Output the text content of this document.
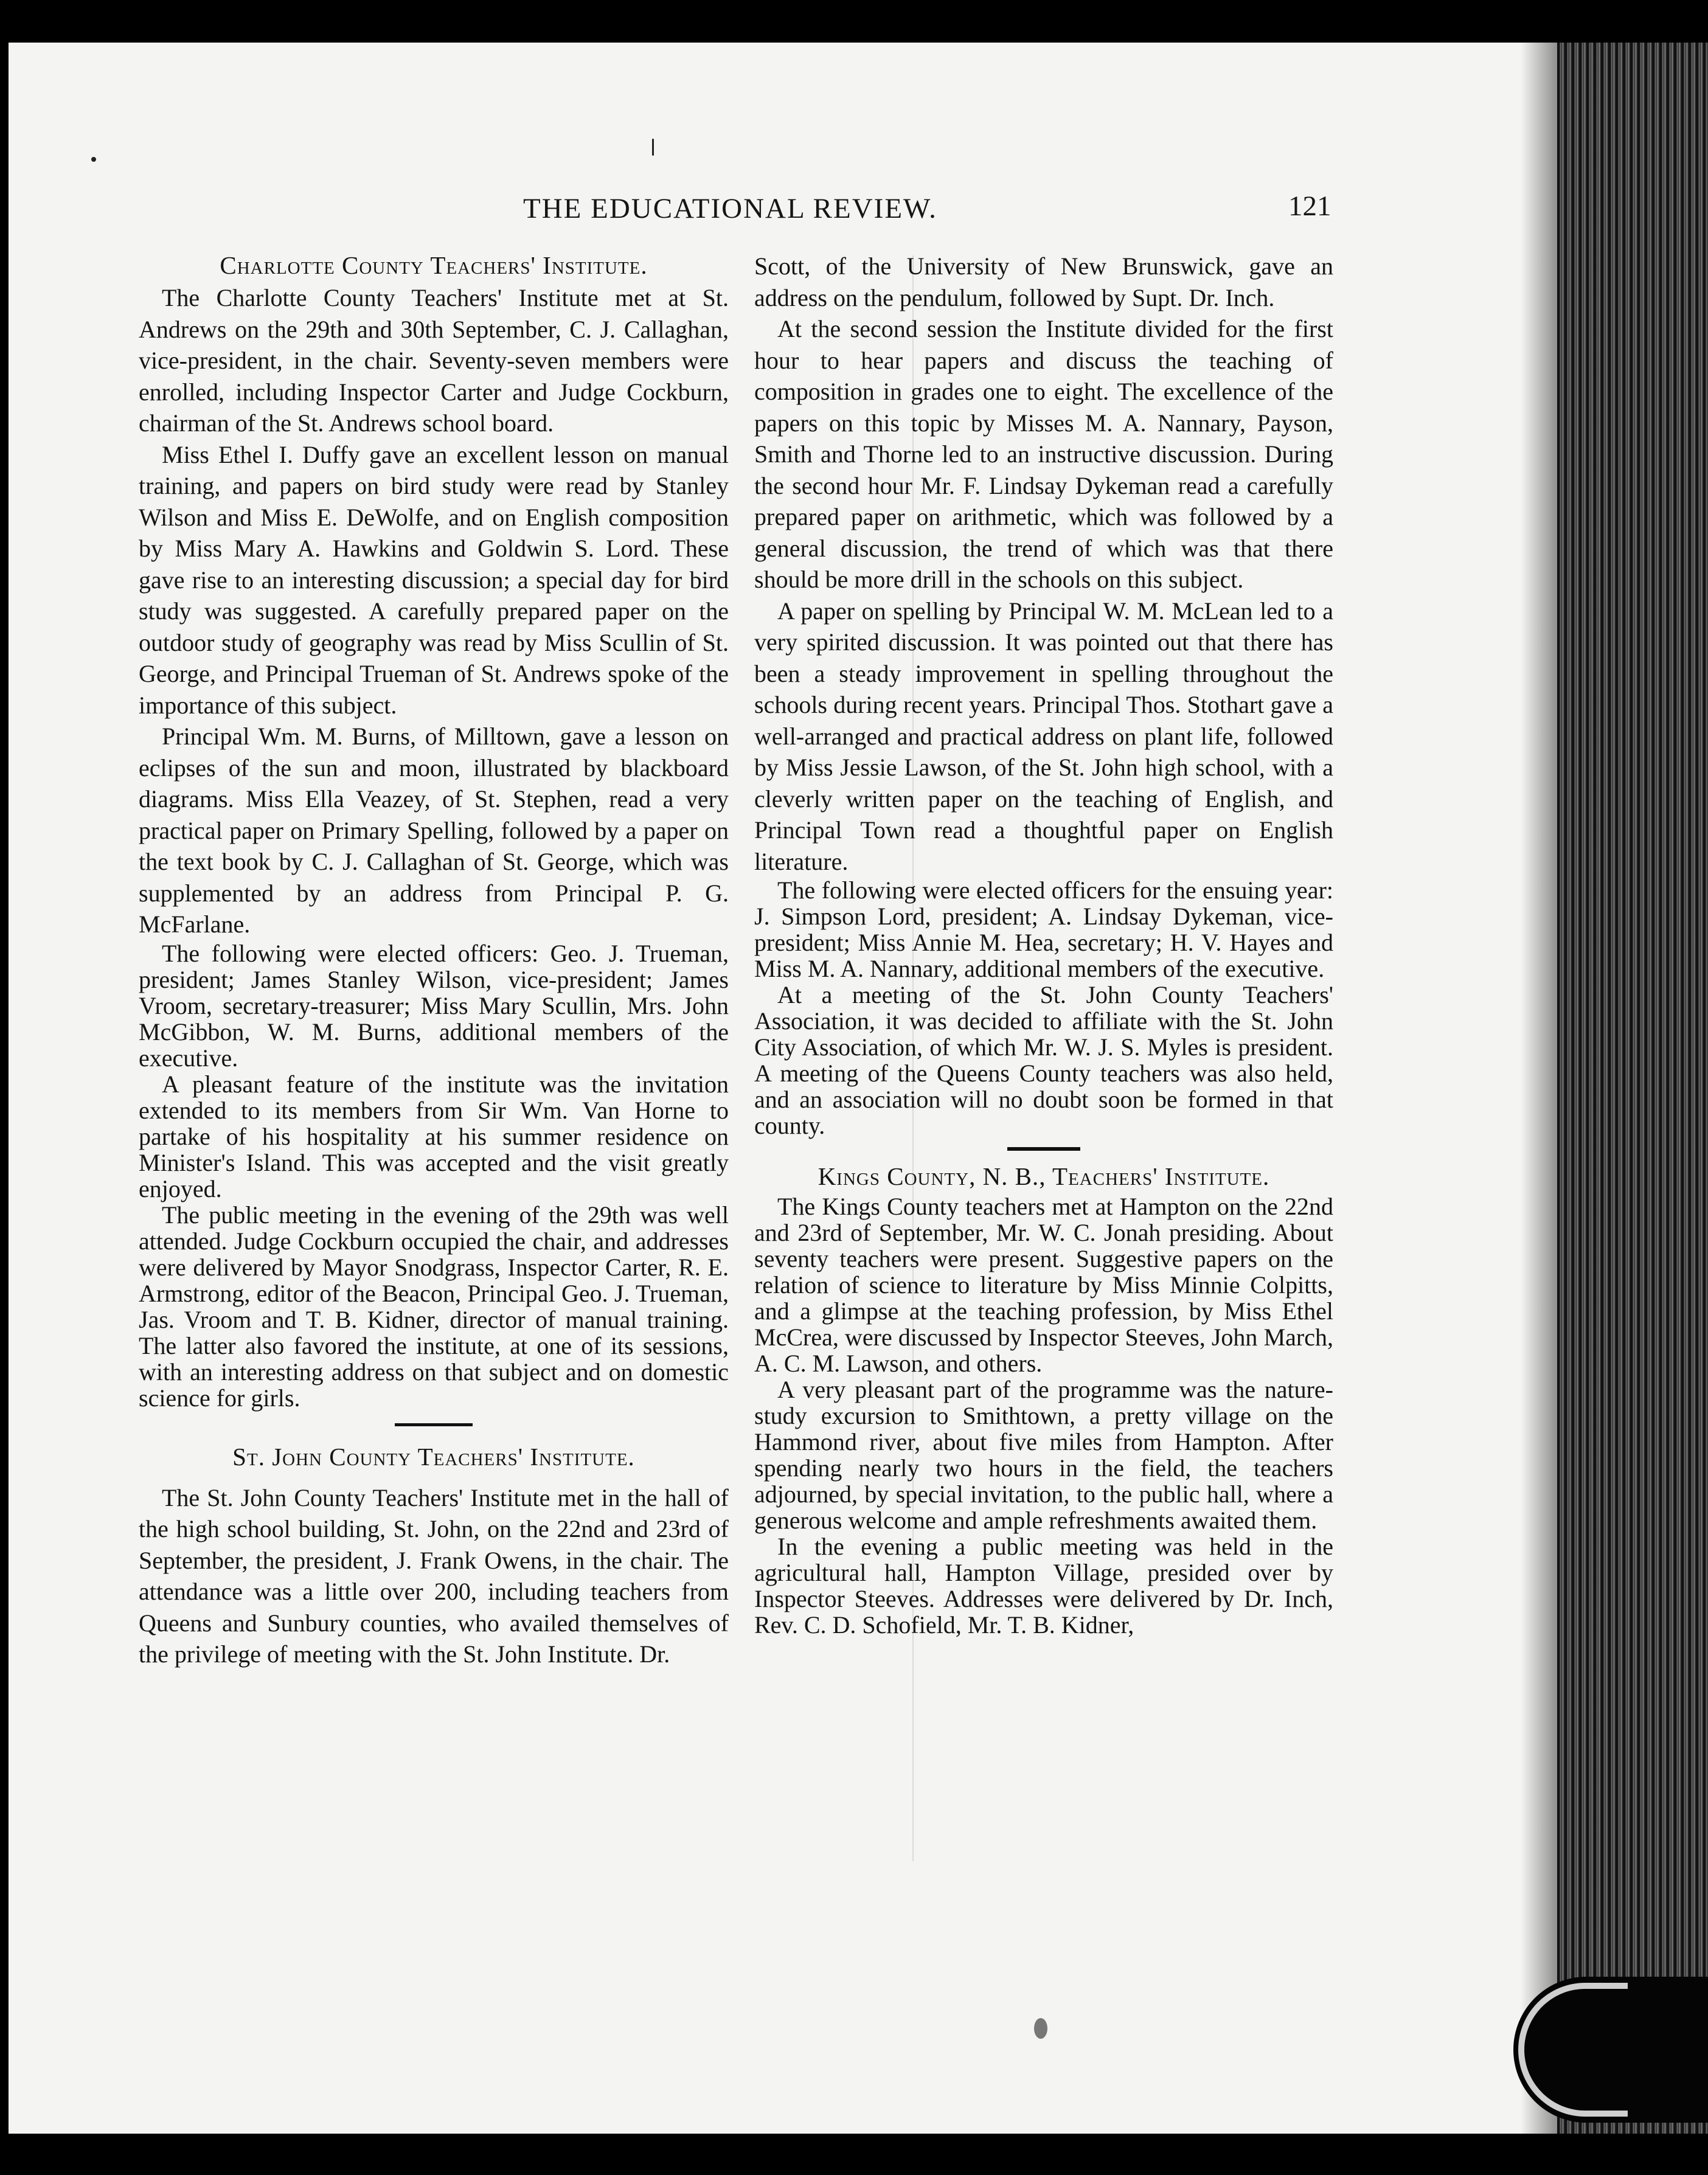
THE EDUCATIONAL REVIEW.	121
Charlotte County Teachers' Institute.

The Charlotte County Teachers' Institute met at St. Andrews on the 29th and 30th September, C. J. Callaghan, vice-president, in the chair. Seventy-seven members were enrolled, including Inspector Carter and Judge Cockburn, chairman of the St. Andrews school board.

Miss Ethel I. Duffy gave an excellent lesson on manual training, and papers on bird study were read by Stanley Wilson and Miss E. DeWolfe, and on English composition by Miss Mary A. Hawkins and Goldwin S. Lord. These gave rise to an interesting discussion; a special day for bird study was suggested. A carefully prepared paper on the outdoor study of geography was read by Miss Scullin of St. George, and Principal Trueman of St. Andrews spoke of the importance of this subject.

Principal Wm. M. Burns, of Milltown, gave a lesson on eclipses of the sun and moon, illustrated by blackboard diagrams. Miss Ella Veazey, of St. Stephen, read a very practical paper on Primary Spelling, followed by a paper on the text book by C. J. Callaghan of St. George, which was supplemented by an address from Principal P. G. McFarlane.

The following were elected officers: Geo. J. Trueman, president; James Stanley Wilson, vice-president; James Vroom, secretary-treasurer; Miss Mary Scullin, Mrs. John McGibbon, W. M. Burns, additional members of the executive.

A pleasant feature of the institute was the invitation extended to its members from Sir Wm. Van Horne to partake of his hospitality at his summer residence on Minister's Island. This was accepted and the visit greatly enjoyed.

The public meeting in the evening of the 29th was well attended. Judge Cockburn occupied the chair, and addresses were delivered by Mayor Snodgrass, Inspector Carter, R. E. Armstrong, editor of the Beacon, Principal Geo. J. Trueman, Jas. Vroom and T. B. Kidner, director of manual training. The latter also favored the institute, at one of its sessions, with an interesting address on that subject and on domestic science for girls.

St. John County Teachers' Institute.

The St. John County Teachers' Institute met in the hall of the high school building, St. John, on the 22nd and 23rd of September, the president, J. Frank Owens, in the chair. The attendance was a little over 200, including teachers from Queens and Sunbury counties, who availed themselves of the privilege of meeting with the St. John Institute. Dr.

Scott, of the University of New Brunswick, gave an address on the pendulum, followed by Supt. Dr. Inch.

At the second session the Institute divided for the first hour to hear papers and discuss the teaching of composition in grades one to eight. The excellence of the papers on this topic by Misses M. A. Nannary, Payson, Smith and Thorne led to an instructive discussion. During the second hour Mr. F. Lindsay Dykeman read a carefully prepared paper on arithmetic, which was followed by a general discussion, the trend of which was that there should be more drill in the schools on this subject.

A paper on spelling by Principal W. M. McLean led to a very spirited discussion. It was pointed out that there has been a steady improvement in spelling throughout the schools during recent years. Principal Thos. Stothart gave a well-arranged and practical address on plant life, followed by Miss Jessie Lawson, of the St. John high school, with a cleverly written paper on the teaching of English, and Principal Town read a thoughtful paper on English literature.

The following were elected officers for the ensuing year: J. Simpson Lord, president; A. Lindsay Dykeman, vice-president; Miss Annie M. Hea, secretary; H. V. Hayes and Miss M. A. Nannary, additional members of the executive.

At a meeting of the St. John County Teachers' Association, it was decided to affiliate with the St. John City Association, of which Mr. W. J. S. Myles is president. A meeting of the Queens County teachers was also held, and an association will no doubt soon be formed in that county.

Kings County, N. B., Teachers' Institute.

The Kings County teachers met at Hampton on the 22nd and 23rd of September, Mr. W. C. Jonah presiding. About seventy teachers were present. Suggestive papers on the relation of science to literature by Miss Minnie Colpitts, and a glimpse at the teaching profession, by Miss Ethel McCrea, were discussed by Inspector Steeves, John March, A. C. M. Lawson, and others.

A very pleasant part of the programme was the nature-study excursion to Smithtown, a pretty village on the Hammond river, about five miles from Hampton. After spending nearly two hours in the field, the teachers adjourned, by special invitation, to the public hall, where a generous welcome and ample refreshments awaited them.

In the evening a public meeting was held in the agricultural hall, Hampton Village, presided over by Inspector Steeves. Addresses were delivered by Dr. Inch, Rev. C. D. Schofield, Mr. T. B. Kidner,
